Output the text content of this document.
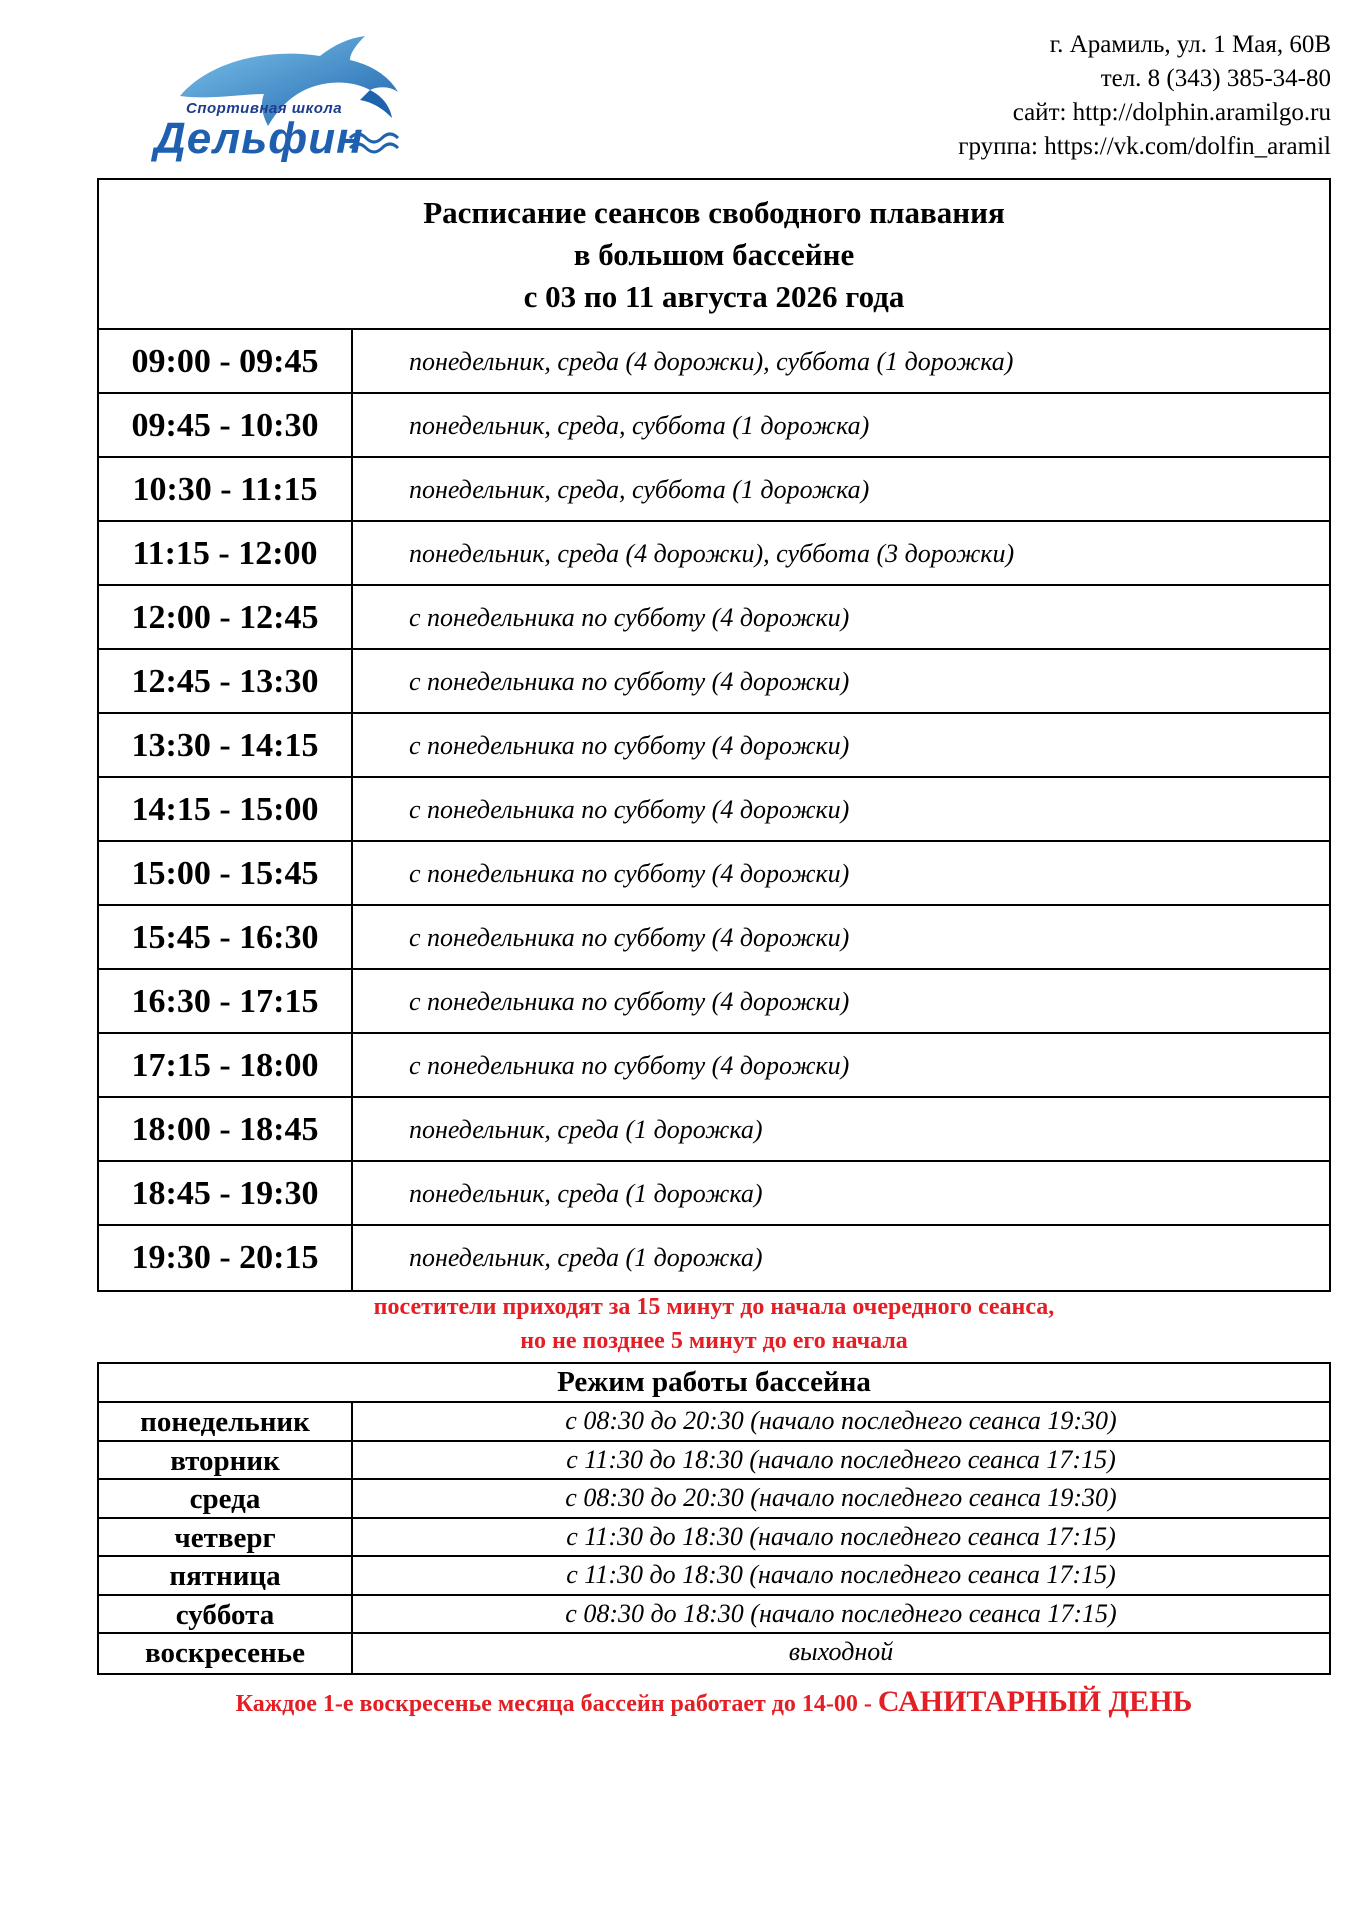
Спортивная школа
Дельфин
г. Арамиль, ул. 1 Мая, 60В
тел. 8 (343) 385-34-80
сайт: http://dolphin.aramilgo.ru
группа: https://vk.com/dolfin_aramil
Расписание сеансов свободного плавания
в большом бассейне
с 03 по 11 августа 2026 года
09:00 - 09:45	понедельник, среда (4 дорожки), суббота (1 дорожка)
09:45 - 10:30	понедельник, среда, суббота (1 дорожка)
10:30 - 11:15	понедельник, среда, суббота (1 дорожка)
11:15 - 12:00	понедельник, среда (4 дорожки), суббота (3 дорожки)
12:00 - 12:45	с понедельника по субботу (4 дорожки)
12:45 - 13:30	с понедельника по субботу (4 дорожки)
13:30 - 14:15	с понедельника по субботу (4 дорожки)
14:15 - 15:00	с понедельника по субботу (4 дорожки)
15:00 - 15:45	с понедельника по субботу (4 дорожки)
15:45 - 16:30	с понедельника по субботу (4 дорожки)
16:30 - 17:15	с понедельника по субботу (4 дорожки)
17:15 - 18:00	с понедельника по субботу (4 дорожки)
18:00 - 18:45	понедельник, среда (1 дорожка)
18:45 - 19:30	понедельник, среда (1 дорожка)
19:30 - 20:15	понедельник, среда (1 дорожка)
посетители приходят за 15 минут до начала очередного сеанса,
но не позднее 5 минут до его начала
Режим работы бассейна
понедельник	с 08:30 до 20:30 (начало последнего сеанса 19:30)
вторник	с 11:30 до 18:30 (начало последнего сеанса 17:15)
среда	с 08:30 до 20:30 (начало последнего сеанса 19:30)
четверг	с 11:30 до 18:30 (начало последнего сеанса 17:15)
пятница	с 11:30 до 18:30 (начало последнего сеанса 17:15)
суббота	с 08:30 до 18:30 (начало последнего сеанса 17:15)
воскресенье	выходной
Каждое 1-е воскресенье месяца бассейн работает до 14-00 - САНИТАРНЫЙ ДЕНЬ
